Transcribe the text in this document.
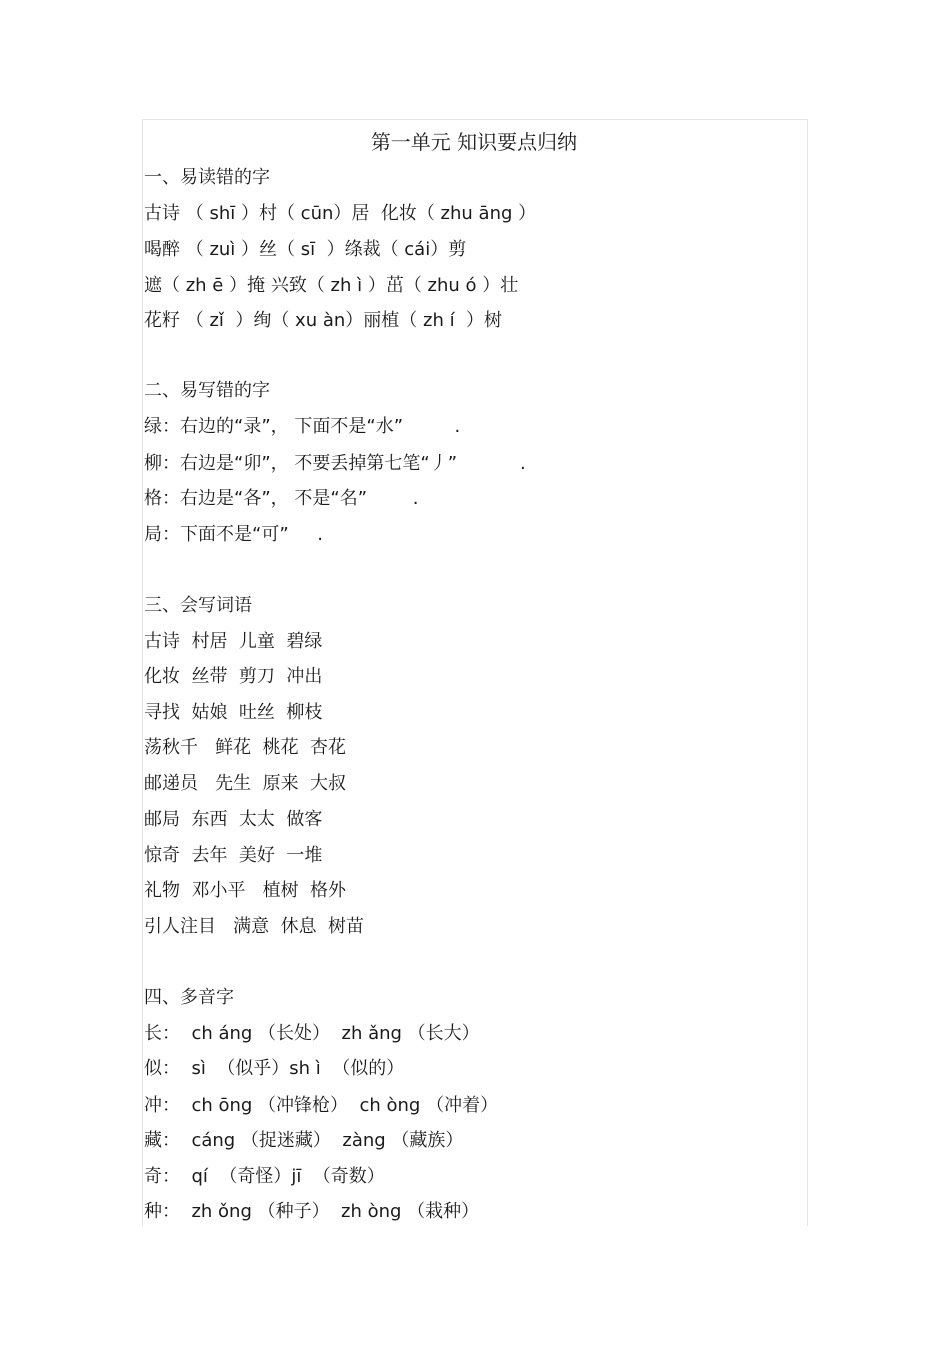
第一单元 知识要点归纳
一、易读错的字
古诗 （ shī ）村（ cūn）居  化妆（ zhu āng ）
喝醉 （ zuì ）丝（ sī  ）绦裁（ cái）剪
遮（ zh ē ）掩 兴致（ zh ì ）茁（ zhu ó ）壮
花籽 （ zǐ  ）绚（ xu àn）丽植（ zh í  ）树
二、易写错的字
绿：右边的“录”， 下面不是“水”         .
柳：右边是“卯”， 不要丢掉第七笔“丿”           .
格：右边是“各”， 不是“名”        .
局：下面不是“可”     .
三、会写词语
古诗  村居  儿童  碧绿
化妆  丝带  剪刀  冲出
寻找  姑娘  吐丝  柳枝
荡秋千   鲜花  桃花  杏花
邮递员   先生  原来  大叔
邮局  东西  太太  做客
惊奇  去年  美好  一堆
礼物  邓小平   植树  格外
引人注目   满意  休息  树苗
四、多音字
长：  ch áng （长处）  zh ǎng （长大）
似：  sì  （似乎）sh ì  （似的）
冲：  ch ōng （冲锋枪）  ch òng （冲着）
藏：  cáng （捉迷藏）  zàng （藏族）
奇：  qí  （奇怪）jī  （奇数）
种：  zh ǒng （种子）  zh òng （栽种）
